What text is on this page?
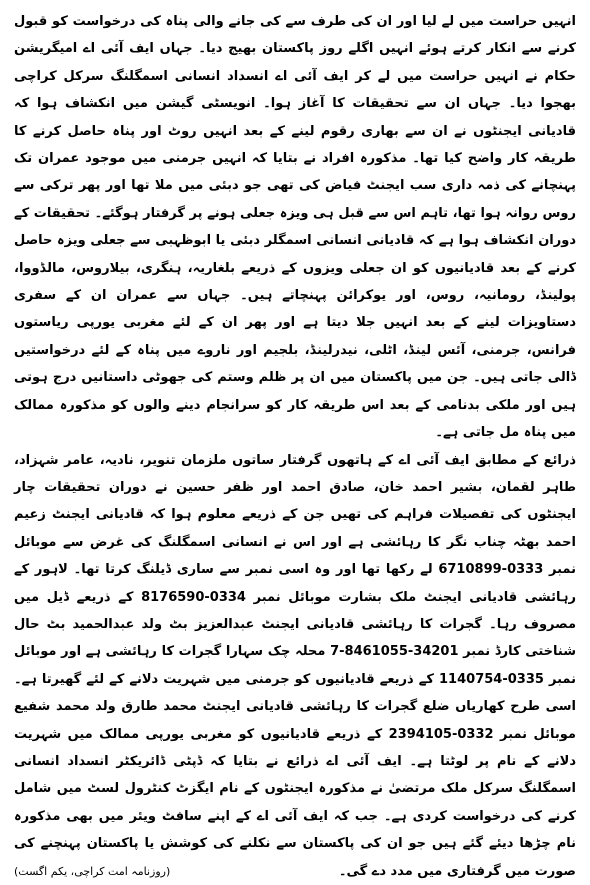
انہیں حراست میں لے لیا اور ان کی طرف سے کی جانے والی پناہ کی درخواست کو قبول کرنے سے انکار کرتے ہوئے انہیں اگلے روز پاکستان بھیج دیا۔ جہاں ایف آئی اے امیگریشن حکام نے انہیں حراست میں لے کر ایف آئی اے انسداد انسانی اسمگلنگ سرکل کراچی بھجوا دیا۔ جہاں ان سے تحقیقات کا آغاز ہوا۔ انویسٹی گیشن میں انکشاف ہوا کہ قادیانی ایجنٹوں نے ان سے بھاری رقوم لینے کے بعد انہیں روٹ اور پناہ حاصل کرنے کا طریقہ کار واضح کیا تھا۔ مذکورہ افراد نے بتایا کہ انہیں جرمنی میں موجود عمران تک پہنچانے کی ذمہ داری سب ایجنٹ فیاض کی تھی جو دبئی میں ملا تھا اور پھر ترکی سے روس روانہ ہوا تھا، تاہم اس سے قبل ہی ویزہ جعلی ہونے پر گرفتار ہوگئے۔ تحقیقات کے دوران انکشاف ہوا ہے کہ قادیانی انسانی اسمگلر دبئی یا ابوظہبی سے جعلی ویزہ حاصل کرنے کے بعد قادیانیوں کو ان جعلی ویزوں کے ذریعے بلغاریہ، ہنگری، بیلاروس، مالڈووا، پولینڈ، رومانیہ، روس، اور یوکرائن پہنچاتے ہیں۔ جہاں سے عمران ان کے سفری دستاویزات لینے کے بعد انہیں جلا دیتا ہے اور پھر ان کے لئے مغربی یورپی ریاستوں فرانس، جرمنی، آئس لینڈ، اٹلی، نیدرلینڈ، بلجیم اور ناروے میں پناہ کے لئے درخواستیں ڈالی جاتی ہیں۔ جن میں پاکستان میں ان پر ظلم وستم کی جھوٹی داستانیں درج ہوتی ہیں اور ملکی بدنامی کے بعد اس طریقہ کار کو سرانجام دینے والوں کو مذکورہ ممالک میں پناہ مل جاتی ہے۔

ذرائع کے مطابق ایف آئی اے کے ہاتھوں گرفتار ساتوں ملزمان تنویر، نادیہ، عامر شہزاد، طاہر لقمان، بشیر احمد خان، صادق احمد اور ظفر حسین نے دوران تحقیقات چار ایجنٹوں کی تفصیلات فراہم کی تھیں جن کے ذریعے معلوم ہوا کہ قادیانی ایجنٹ زعیم احمد بھٹہ چناب نگر کا رہائشی ہے اور اس نے انسانی اسمگلنگ کی غرض سے موبائل نمبر 0333-6710899 لے رکھا تھا اور وہ اسی نمبر سے ساری ڈیلنگ کرتا تھا۔ لاہور کے رہائشی قادیانی ایجنٹ ملک بشارت موبائل نمبر 0334-8176590 کے ذریعے ڈیل میں مصروف رہا۔ گجرات کا رہائشی قادیانی ایجنٹ عبدالعزیز بٹ ولد عبدالحمید بٹ حال شناختی کارڈ نمبر 34201-8461055-7 محلہ چک سہارا گجرات کا رہائشی ہے اور موبائل نمبر 0335-1140754 کے ذریعے قادیانیوں کو جرمنی میں شہریت دلانے کے لئے گھیرتا ہے۔ اسی طرح کھاریاں ضلع گجرات کا رہائشی قادیانی ایجنٹ محمد طارق ولد محمد شفیع موبائل نمبر 0332-2394105 کے ذریعے قادیانیوں کو مغربی یورپی ممالک میں شہریت دلانے کے نام پر لوٹتا ہے۔ ایف آئی اے ذرائع نے بتایا کہ ڈپٹی ڈائریکٹر انسداد انسانی اسمگلنگ سرکل ملک مرتضیٰ نے مذکورہ ایجنٹوں کے نام ایگزٹ کنٹرول لسٹ میں شامل کرنے کی درخواست کردی ہے۔ جب کہ ایف آئی اے کے اپنے سافٹ ویئر میں بھی مذکورہ نام چڑھا دیئے گئے ہیں جو ان کی پاکستان سے نکلنے کی کوشش یا پاکستان پہنچنے کی صورت میں گرفتاری میں مدد دے گی۔
(روزنامہ امت کراچی، یکم اگست)
